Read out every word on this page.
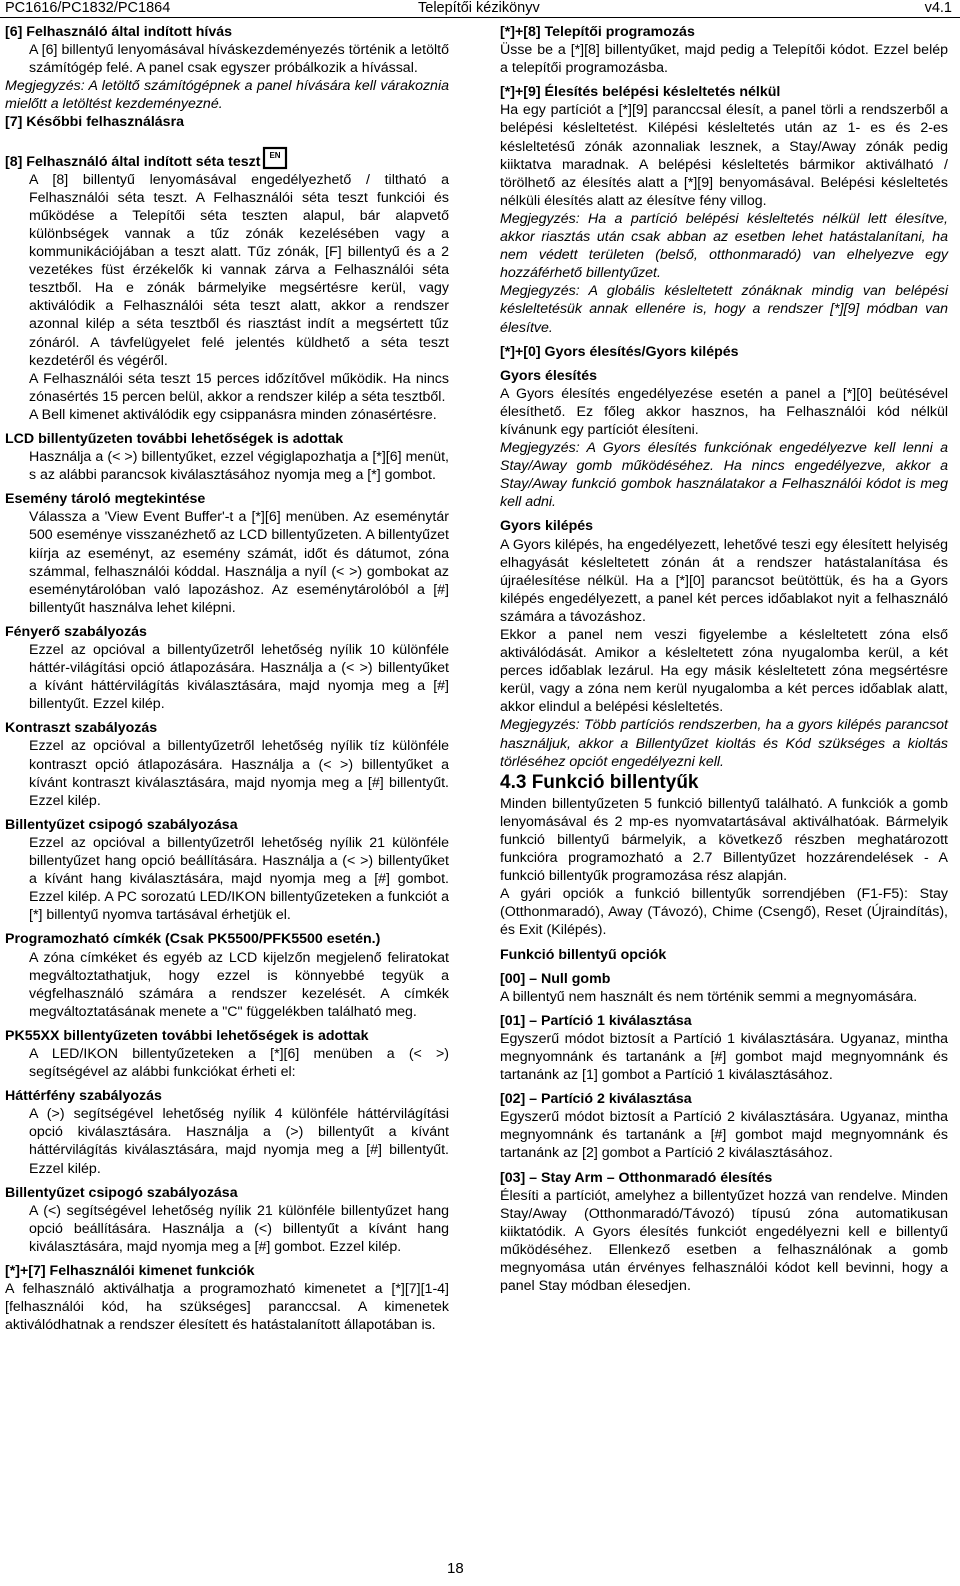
PC1616/PC1832/PC1864	Telepítői kézikönyv	v4.1

[6] Felhasználó által indított hívás

A [6] billentyű lenyomásával híváskezdeményezés történik a letöltő számítógép felé. A panel csak egyszer próbálkozik a hívással.

Megjegyzés: A letöltő számítógépnek a panel hívására kell várakoznia mielőtt a letöltést kezdeményezné.

[7] Későbbi felhasználásra

[8] Felhasználó által indított séta teszt EN

A [8] billentyű lenyomásával engedélyezhető / tiltható a Felhasználói séta teszt. A Felhasználói séta teszt funkciói és működése a Telepítői séta teszten alapul, bár alapvető különbségek vannak a tűz zónák kezelésében vagy a kommunikációjában a teszt alatt. Tűz zónák, [F] billentyű és a 2 vezetékes füst érzékelők ki vannak zárva a Felhasználói séta tesztből. Ha e zónák bármelyike megsértésre kerül, vagy aktiválódik a Felhasználói séta teszt alatt, akkor a rendszer azonnal kilép a séta tesztből és riasztást indít a megsértett tűz zónáról. A távfelügyelet felé jelentés küldhető a séta teszt kezdetéről és végéről.

A Felhasználói séta teszt 15 perces időzítővel működik. Ha nincs zónasértés 15 percen belül, akkor a rendszer kilép a séta tesztből.

A Bell kimenet aktiválódik egy csippanásra minden zónasértésre.

LCD billentyűzeten további lehetőségek is adottak

Használja a (< >) billentyűket, ezzel végiglapozhatja a [*][6] menüt, s az alábbi parancsok kiválasztásához nyomja meg a [*] gombot.

Esemény tároló megtekintése

Válassza a 'View Event Buffer'-t a [*][6] menüben. Az eseménytár 500 eseménye visszanézhető az LCD billentyűzeten. A billentyűzet kiírja az eseményt, az esemény számát, időt és dátumot, zóna számmal, felhasználói kóddal. Használja a nyíl (< >) gombokat az eseménytárolóban való lapozáshoz. Az eseménytárolóból a [#] billentyűt használva lehet kilépni.

Fényerő szabályozás

Ezzel az opcióval a billentyűzetről lehetőség nyílik 10 különféle háttér-világítási opció átlapozására. Használja a (< >) billentyűket a kívánt háttérvilágítás kiválasztására, majd nyomja meg a [#] billentyűt. Ezzel kilép.

Kontraszt szabályozás

Ezzel az opcióval a billentyűzetről lehetőség nyílik tíz különféle kontraszt opció átlapozására. Használja a (< >) billentyűket a kívánt kontraszt kiválasztására, majd nyomja meg a [#] billentyűt. Ezzel kilép.

Billentyűzet csipogó szabályozása

Ezzel az opcióval a billentyűzetről lehetőség nyílik 21 különféle billentyűzet hang opció beállítására. Használja a (< >) billentyűket a kívánt hang kiválasztására, majd nyomja meg a [#] gombot. Ezzel kilép. A PC sorozatú LED/IKON billentyűzeteken a funkciót a [*] billentyű nyomva tartásával érhetjük el.

Programozható címkék (Csak PK5500/PFK5500 esetén.)

A zóna címkéket és egyéb az LCD kijelzőn megjelenő feliratokat megváltoztathatjuk, hogy ezzel is könnyebbé tegyük a végfelhasználó számára a rendszer kezelését. A címkék megváltoztatásának menete a "C" függelékben található meg.

PK55XX billentyűzeten további lehetőségek is adottak

A LED/IKON billentyűzeteken a [*][6] menüben a (< >) segítségével az alábbi funkciókat érheti el:

Háttérfény szabályozás

A (>) segítségével lehetőség nyílik 4 különféle háttérvilágítási opció kiválasztására. Használja a (>) billentyűt a kívánt háttérvilágítás kiválasztására, majd nyomja meg a [#] billentyűt. Ezzel kilép.

Billentyűzet csipogó szabályozása

A (<) segítségével lehetőség nyílik 21 különféle billentyűzet hang opció beállítására. Használja a (<) billentyűt a kívánt hang kiválasztására, majd nyomja meg a [#] gombot. Ezzel kilép.

[*]+[7] Felhasználói kimenet funkciók

A felhasználó aktiválhatja a programozható kimenetet a [*][7][1-4][felhasználói kód, ha szükséges] paranccsal. A kimenetek aktiválódhatnak a rendszer élesített és hatástalanított állapotában is.

[*]+[8] Telepítői programozás

Üsse be a [*][8] billentyűket, majd pedig a Telepítői kódot. Ezzel belép a telepítői programozásba.

[*]+[9] Élesítés belépési késleltetés nélkül

Ha egy partíciót a [*][9] paranccsal élesít, a panel törli a rendszerből a belépési késleltetést. Kilépési késleltetés után az 1- es és 2-es késleltetésű zónák azonnaliak lesznek, a Stay/Away zónák pedig kiiktatva maradnak. A belépési késleltetés bármikor aktiválható / törölhető az élesítés alatt a [*][9] benyomásával. Belépési késleltetés nélküli élesítés alatt az élesítve fény villog.

Megjegyzés: Ha a partíció belépési késleltetés nélkül lett élesítve, akkor riasztás után csak abban az esetben lehet hatástalanítani, ha nem védett területen (belső, otthonmaradó) van elhelyezve egy hozzáférhető billentyűzet.

Megjegyzés: A globális késleltetett zónáknak mindig van belépési késleltetésük annak ellenére is, hogy a rendszer [*][9] módban van élesítve.

[*]+[0] Gyors élesítés/Gyors kilépés

Gyors élesítés

A Gyors élesítés engedélyezése esetén a panel a [*][0] beütésével élesíthető. Ez főleg akkor hasznos, ha Felhasználói kód nélkül kívánunk egy partíciót élesíteni.

Megjegyzés: A Gyors élesítés funkciónak engedélyezve kell lenni a Stay/Away gomb működéséhez. Ha nincs engedélyezve, akkor a Stay/Away funkció gombok használatakor a Felhasználói kódot is meg kell adni.

Gyors kilépés

A Gyors kilépés, ha engedélyezett, lehetővé teszi egy élesített helyiség elhagyását késleltetett zónán át a rendszer hatástalanítása és újraélesítése nélkül. Ha a [*][0] parancsot beütöttük, és ha a Gyors kilépés engedélyezett, a panel két perces időablakot nyit a felhasználó számára a távozáshoz.

Ekkor a panel nem veszi figyelembe a késleltetett zóna első aktiválódását. Amikor a késleltetett zóna nyugalomba kerül, a két perces időablak lezárul. Ha egy másik késleltetett zóna megsértésre kerül, vagy a zóna nem kerül nyugalomba a két perces időablak alatt, akkor elindul a belépési késleltetés.

Megjegyzés: Több partíciós rendszerben, ha a gyors kilépés parancsot használjuk, akkor a Billentyűzet kioltás és Kód szükséges a kioltás törléséhez opciót engedélyezni kell.

4.3 Funkció billentyűk

Minden billentyűzeten 5 funkció billentyű található. A funkciók a gomb lenyomásával és 2 mp-es nyomvatartásával aktiválhatóak. Bármelyik funkció billentyű bármelyik, a következő részben meghatározott funkcióra programozható a 2.7 Billentyűzet hozzárendelések - A funkció billentyűk programozása rész alapján.

A gyári opciók a funkció billentyűk sorrendjében (F1-F5): Stay (Otthonmaradó), Away (Távozó), Chime (Csengő), Reset (Újraindítás), és Exit (Kilépés).

Funkció billentyű opciók

[00] – Null gomb

A billentyű nem használt és nem történik semmi a megnyomására.

[01] – Partíció 1 kiválasztása

Egyszerű módot biztosít a Partíció 1 kiválasztására. Ugyanaz, mintha megnyomnánk és tartanánk a [#] gombot majd megnyomnánk és tartanánk az [1] gombot a Partíció 1 kiválasztásához.

[02] – Partíció 2 kiválasztása

Egyszerű módot biztosít a Partíció 2 kiválasztására. Ugyanaz, mintha megnyomnánk és tartanánk a [#] gombot majd megnyomnánk és tartanánk az [2] gombot a Partíció 2 kiválasztásához.

[03] – Stay Arm – Otthonmaradó élesítés

Élesíti a partíciót, amelyhez a billentyűzet hozzá van rendelve. Minden Stay/Away (Otthonmaradó/Távozó) típusú zóna automatikusan kiiktatódik. A Gyors élesítés funkciót engedélyezni kell e billentyű működéséhez. Ellenkező esetben a felhasználónak a gomb megnyomása után érvényes felhasználói kódot kell bevinni, hogy a panel Stay módban élesedjen.

18
